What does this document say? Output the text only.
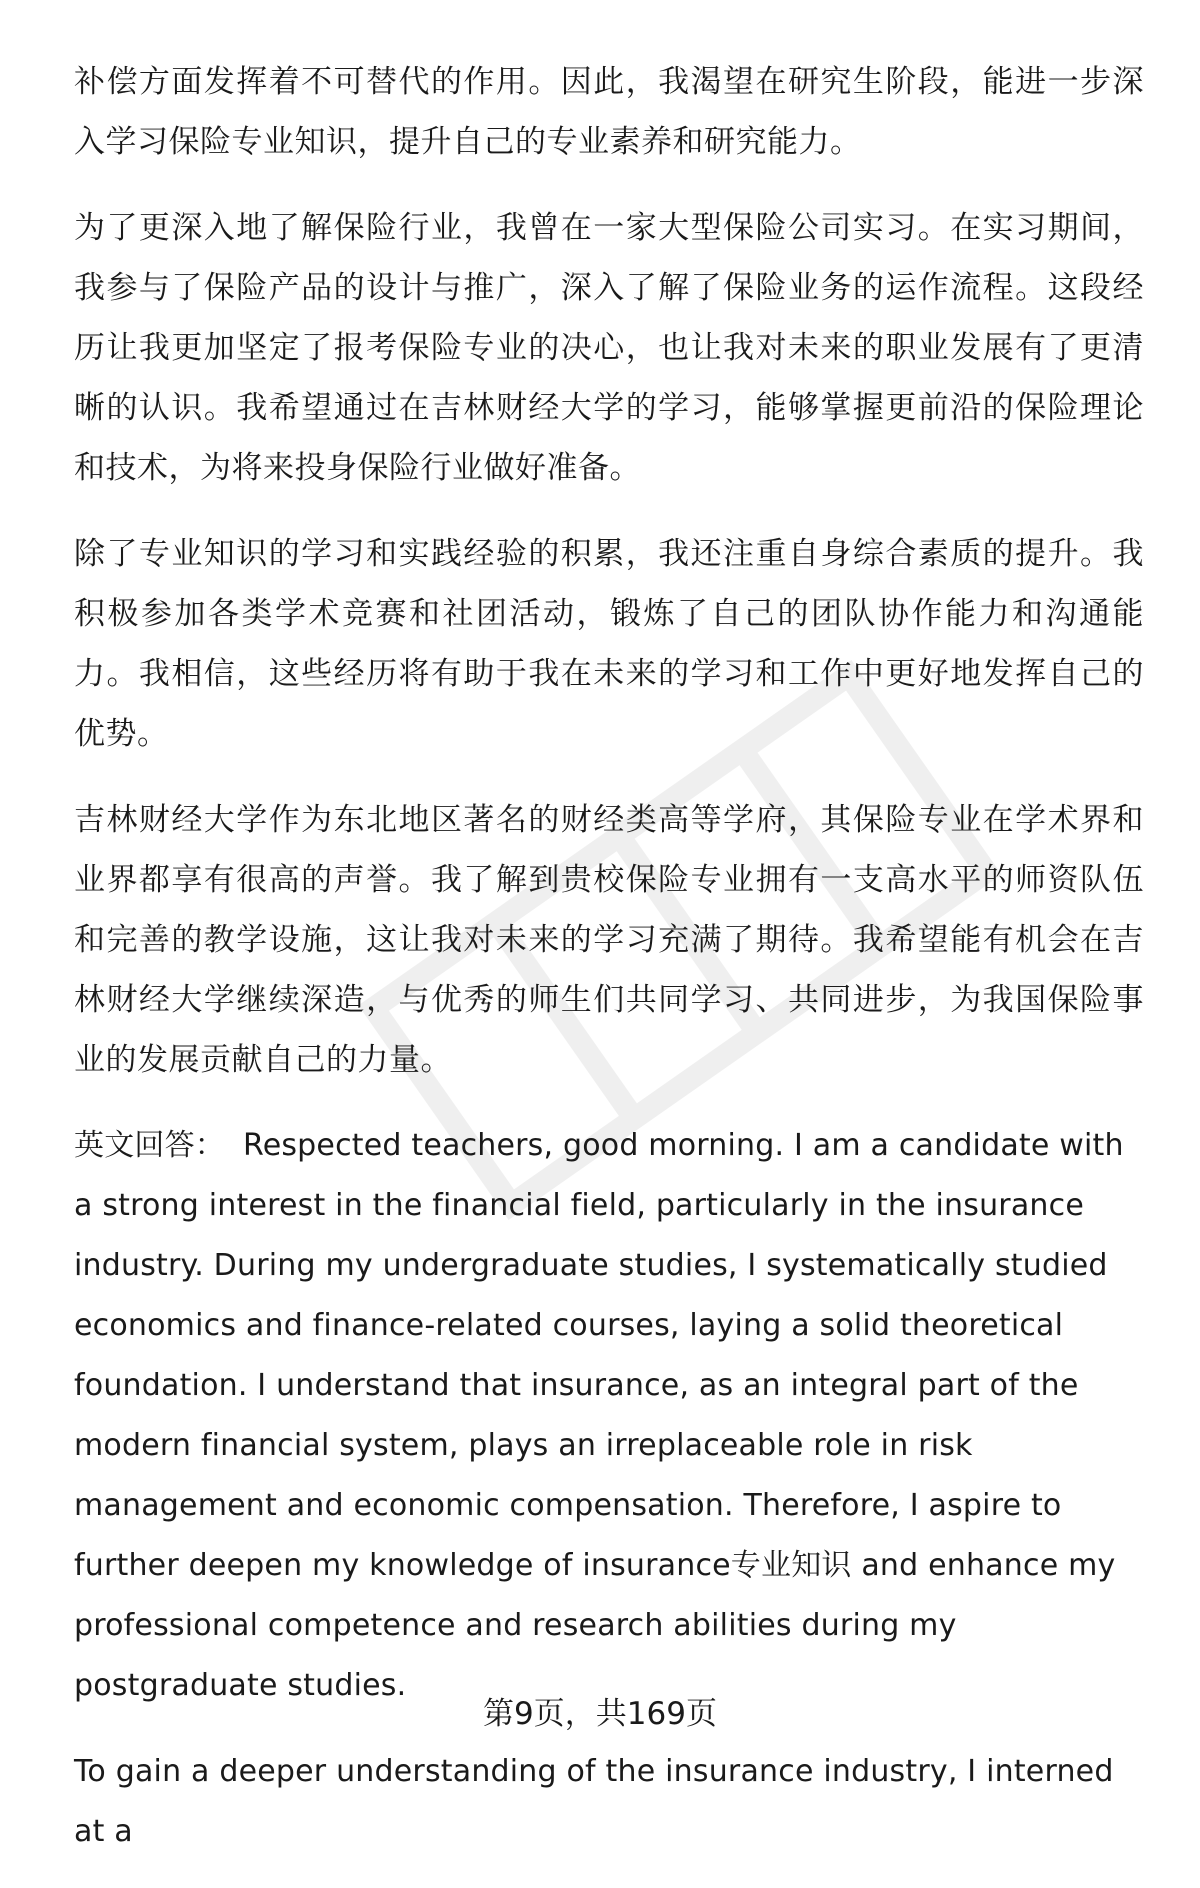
补偿方面发挥着不可替代的作用。因此，我渴望在研究生阶段，能进一步深入学习保险专业知识，提升自己的专业素养和研究能力。

为了更深入地了解保险行业，我曾在一家大型保险公司实习。在实习期间，我参与了保险产品的设计与推广，深入了解了保险业务的运作流程。这段经历让我更加坚定了报考保险专业的决心，也让我对未来的职业发展有了更清晰的认识。我希望通过在吉林财经大学的学习，能够掌握更前沿的保险理论和技术，为将来投身保险行业做好准备。

除了专业知识的学习和实践经验的积累，我还注重自身综合素质的提升。我积极参加各类学术竞赛和社团活动，锻炼了自己的团队协作能力和沟通能力。我相信，这些经历将有助于我在未来的学习和工作中更好地发挥自己的优势。

吉林财经大学作为东北地区著名的财经类高等学府，其保险专业在学术界和业界都享有很高的声誉。我了解到贵校保险专业拥有一支高水平的师资队伍和完善的教学设施，这让我对未来的学习充满了期待。我希望能有机会在吉林财经大学继续深造，与优秀的师生们共同学习、共同进步，为我国保险事业的发展贡献自己的力量。

英文回答： Respected teachers, good morning. I am a candidate with a strong interest in the financial field, particularly in the insurance industry. During my undergraduate studies, I systematically studied economics and finance-related courses, laying a solid theoretical foundation. I understand that insurance, as an integral part of the modern financial system, plays an irreplaceable role in risk management and economic compensation. Therefore, I aspire to further deepen my knowledge of insurance专业知识 and enhance my professional competence and research abilities during my postgraduate studies.

To gain a deeper understanding of the insurance industry, I interned at a

第9页，共169页
